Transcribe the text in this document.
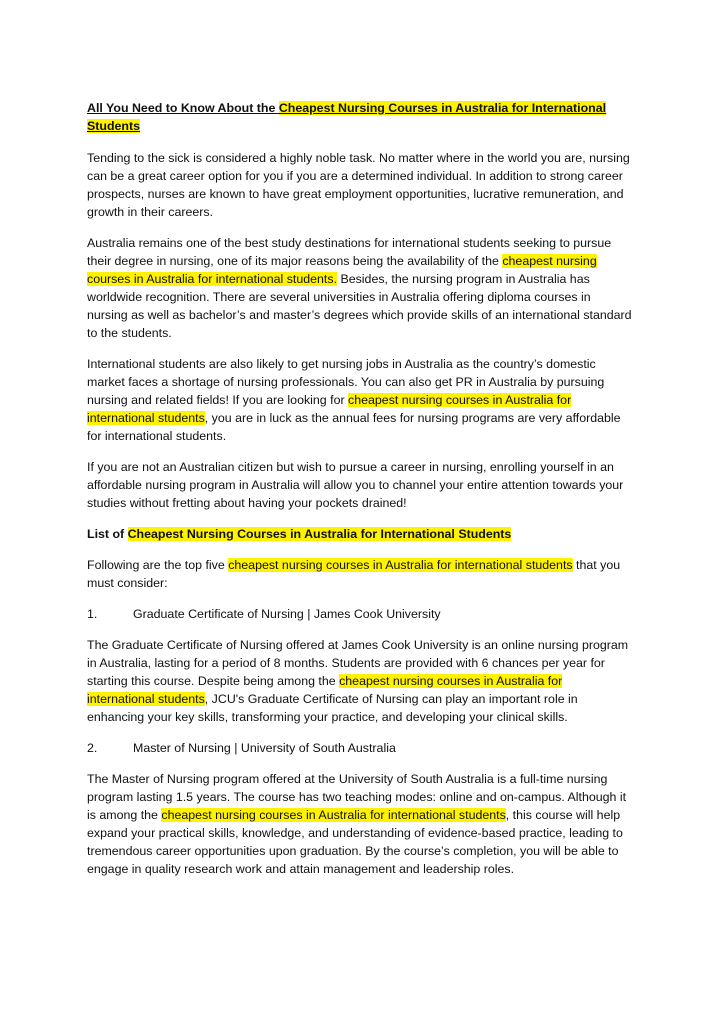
All You Need to Know About the Cheapest Nursing Courses in Australia for International Students

Tending to the sick is considered a highly noble task. No matter where in the world you are, nursing can be a great career option for you if you are a determined individual. In addition to strong career prospects, nurses are known to have great employment opportunities, lucrative remuneration, and growth in their careers.

Australia remains one of the best study destinations for international students seeking to pursue their degree in nursing, one of its major reasons being the availability of the cheapest nursing courses in Australia for international students. Besides, the nursing program in Australia has worldwide recognition. There are several universities in Australia offering diploma courses in nursing as well as bachelor’s and master’s degrees which provide skills of an international standard to the students.

International students are also likely to get nursing jobs in Australia as the country’s domestic market faces a shortage of nursing professionals. You can also get PR in Australia by pursuing nursing and related fields! If you are looking for cheapest nursing courses in Australia for international students, you are in luck as the annual fees for nursing programs are very affordable for international students.

If you are not an Australian citizen but wish to pursue a career in nursing, enrolling yourself in an affordable nursing program in Australia will allow you to channel your entire attention towards your studies without fretting about having your pockets drained!

List of Cheapest Nursing Courses in Australia for International Students

Following are the top five cheapest nursing courses in Australia for international students that you must consider:

1.	Graduate Certificate of Nursing | James Cook University

The Graduate Certificate of Nursing offered at James Cook University is an online nursing program in Australia, lasting for a period of 8 months. Students are provided with 6 chances per year for starting this course. Despite being among the cheapest nursing courses in Australia for international students, JCU's Graduate Certificate of Nursing can play an important role in enhancing your key skills, transforming your practice, and developing your clinical skills.

2.	Master of Nursing | University of South Australia

The Master of Nursing program offered at the University of South Australia is a full-time nursing program lasting 1.5 years. The course has two teaching modes: online and on-campus. Although it is among the cheapest nursing courses in Australia for international students, this course will help expand your practical skills, knowledge, and understanding of evidence-based practice, leading to tremendous career opportunities upon graduation. By the course’s completion, you will be able to engage in quality research work and attain management and leadership roles.
